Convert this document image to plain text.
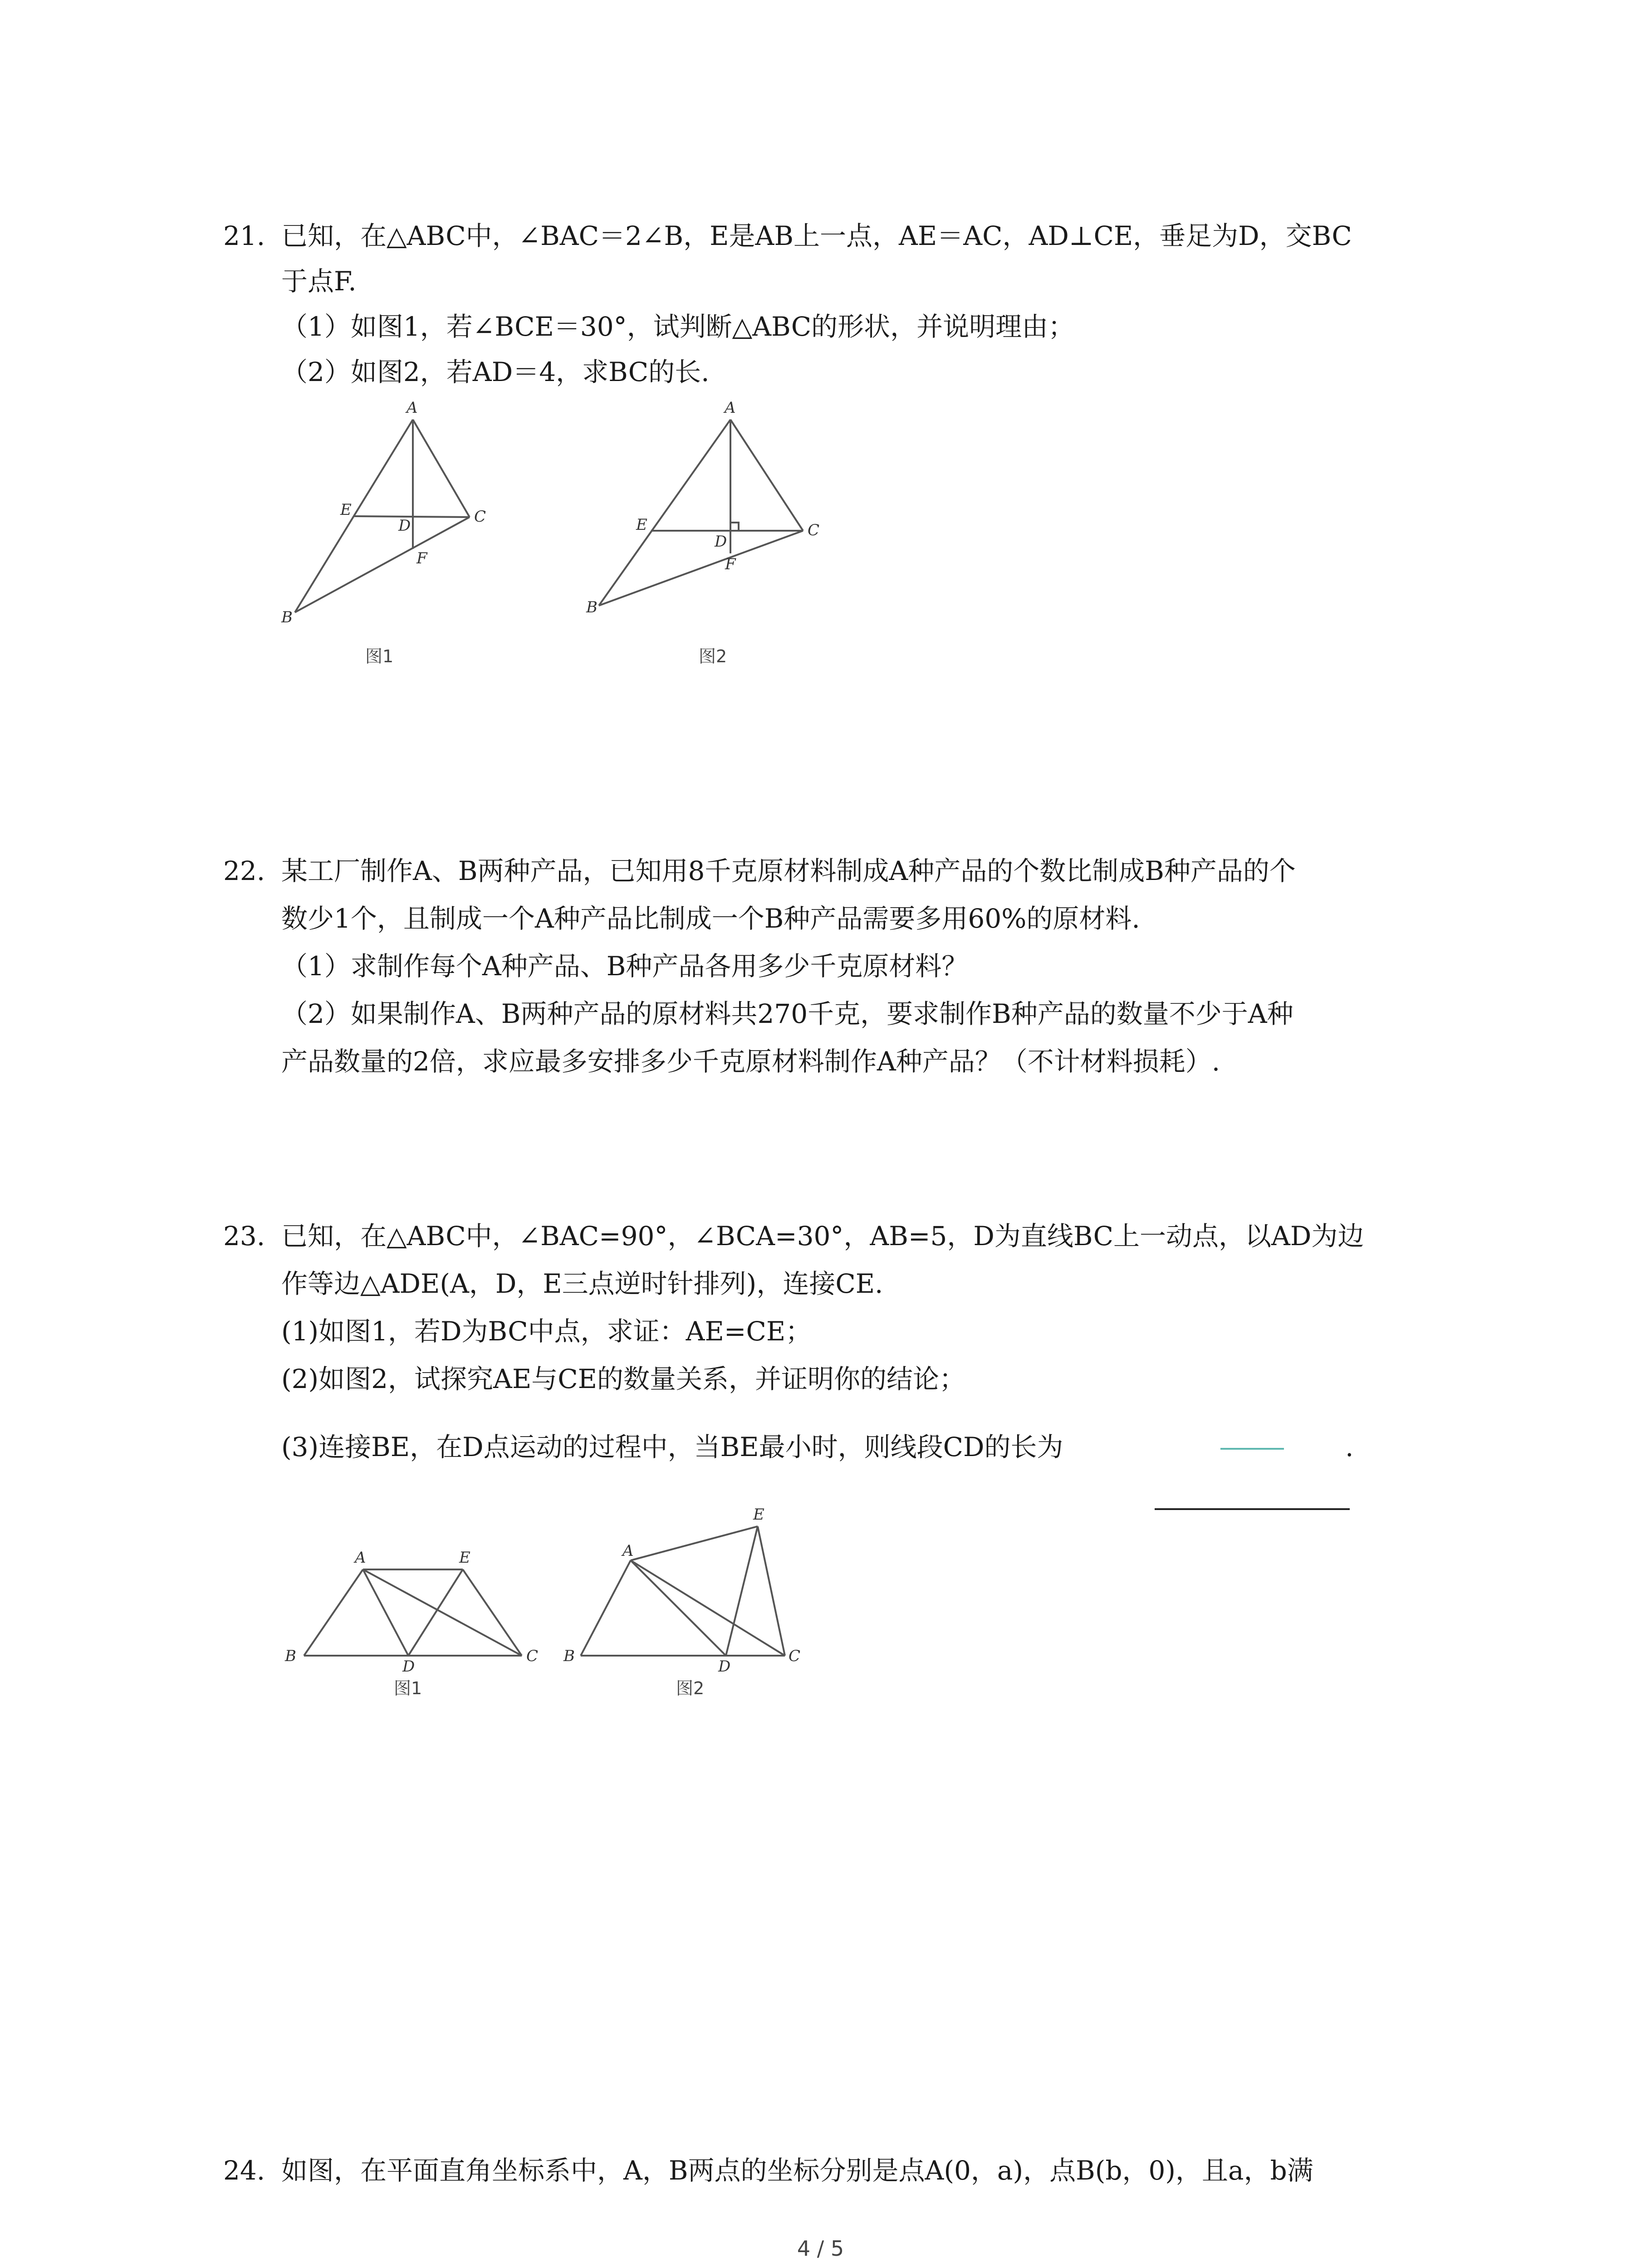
21. 已知，在△ABC中，∠BAC＝2∠B，E是AB上一点，AE＝AC，AD⊥CE，垂足为D，交BC
于点F.
（1）如图1，若∠BCE＝30°，试判断△ABC的形状，并说明理由；
（2）如图2，若AD＝4，求BC的长.
A
E
D	C
F
B
图1
A
E
D
C
F
B
图2
22. 某工厂制作A、B两种产品，已知用8千克原材料制成A种产品的个数比制成B种产品的个
数少1个，且制成一个A种产品比制成一个B种产品需要多用60%的原材料.
（1）求制作每个A种产品、B种产品各用多少千克原材料？
（2）如果制作A、B两种产品的原材料共270千克，要求制作B种产品的数量不少于A种
产品数量的2倍，求应最多安排多少千克原材料制作A种产品？（不计材料损耗）.
23. 已知，在△ABC中，∠BAC=90°，∠BCA=30°，AB=5，D为直线BC上一动点，以AD为边
作等边△ADE(A，D，E三点逆时针排列)，连接CE.
(1)如图1，若D为BC中点，求证：AE=CE；
(2)如图2，试探究AE与CE的数量关系，并证明你的结论；
(3)连接BE，在D点运动的过程中，当BE最小时，则线段CD的长为	.
A	E
B
D
C
图1
A
E
B
D
C
图2
24. 如图，在平面直角坐标系中，A，B两点的坐标分别是点A(0，a)，点B(b，0)，且a，b满
4 / 5
